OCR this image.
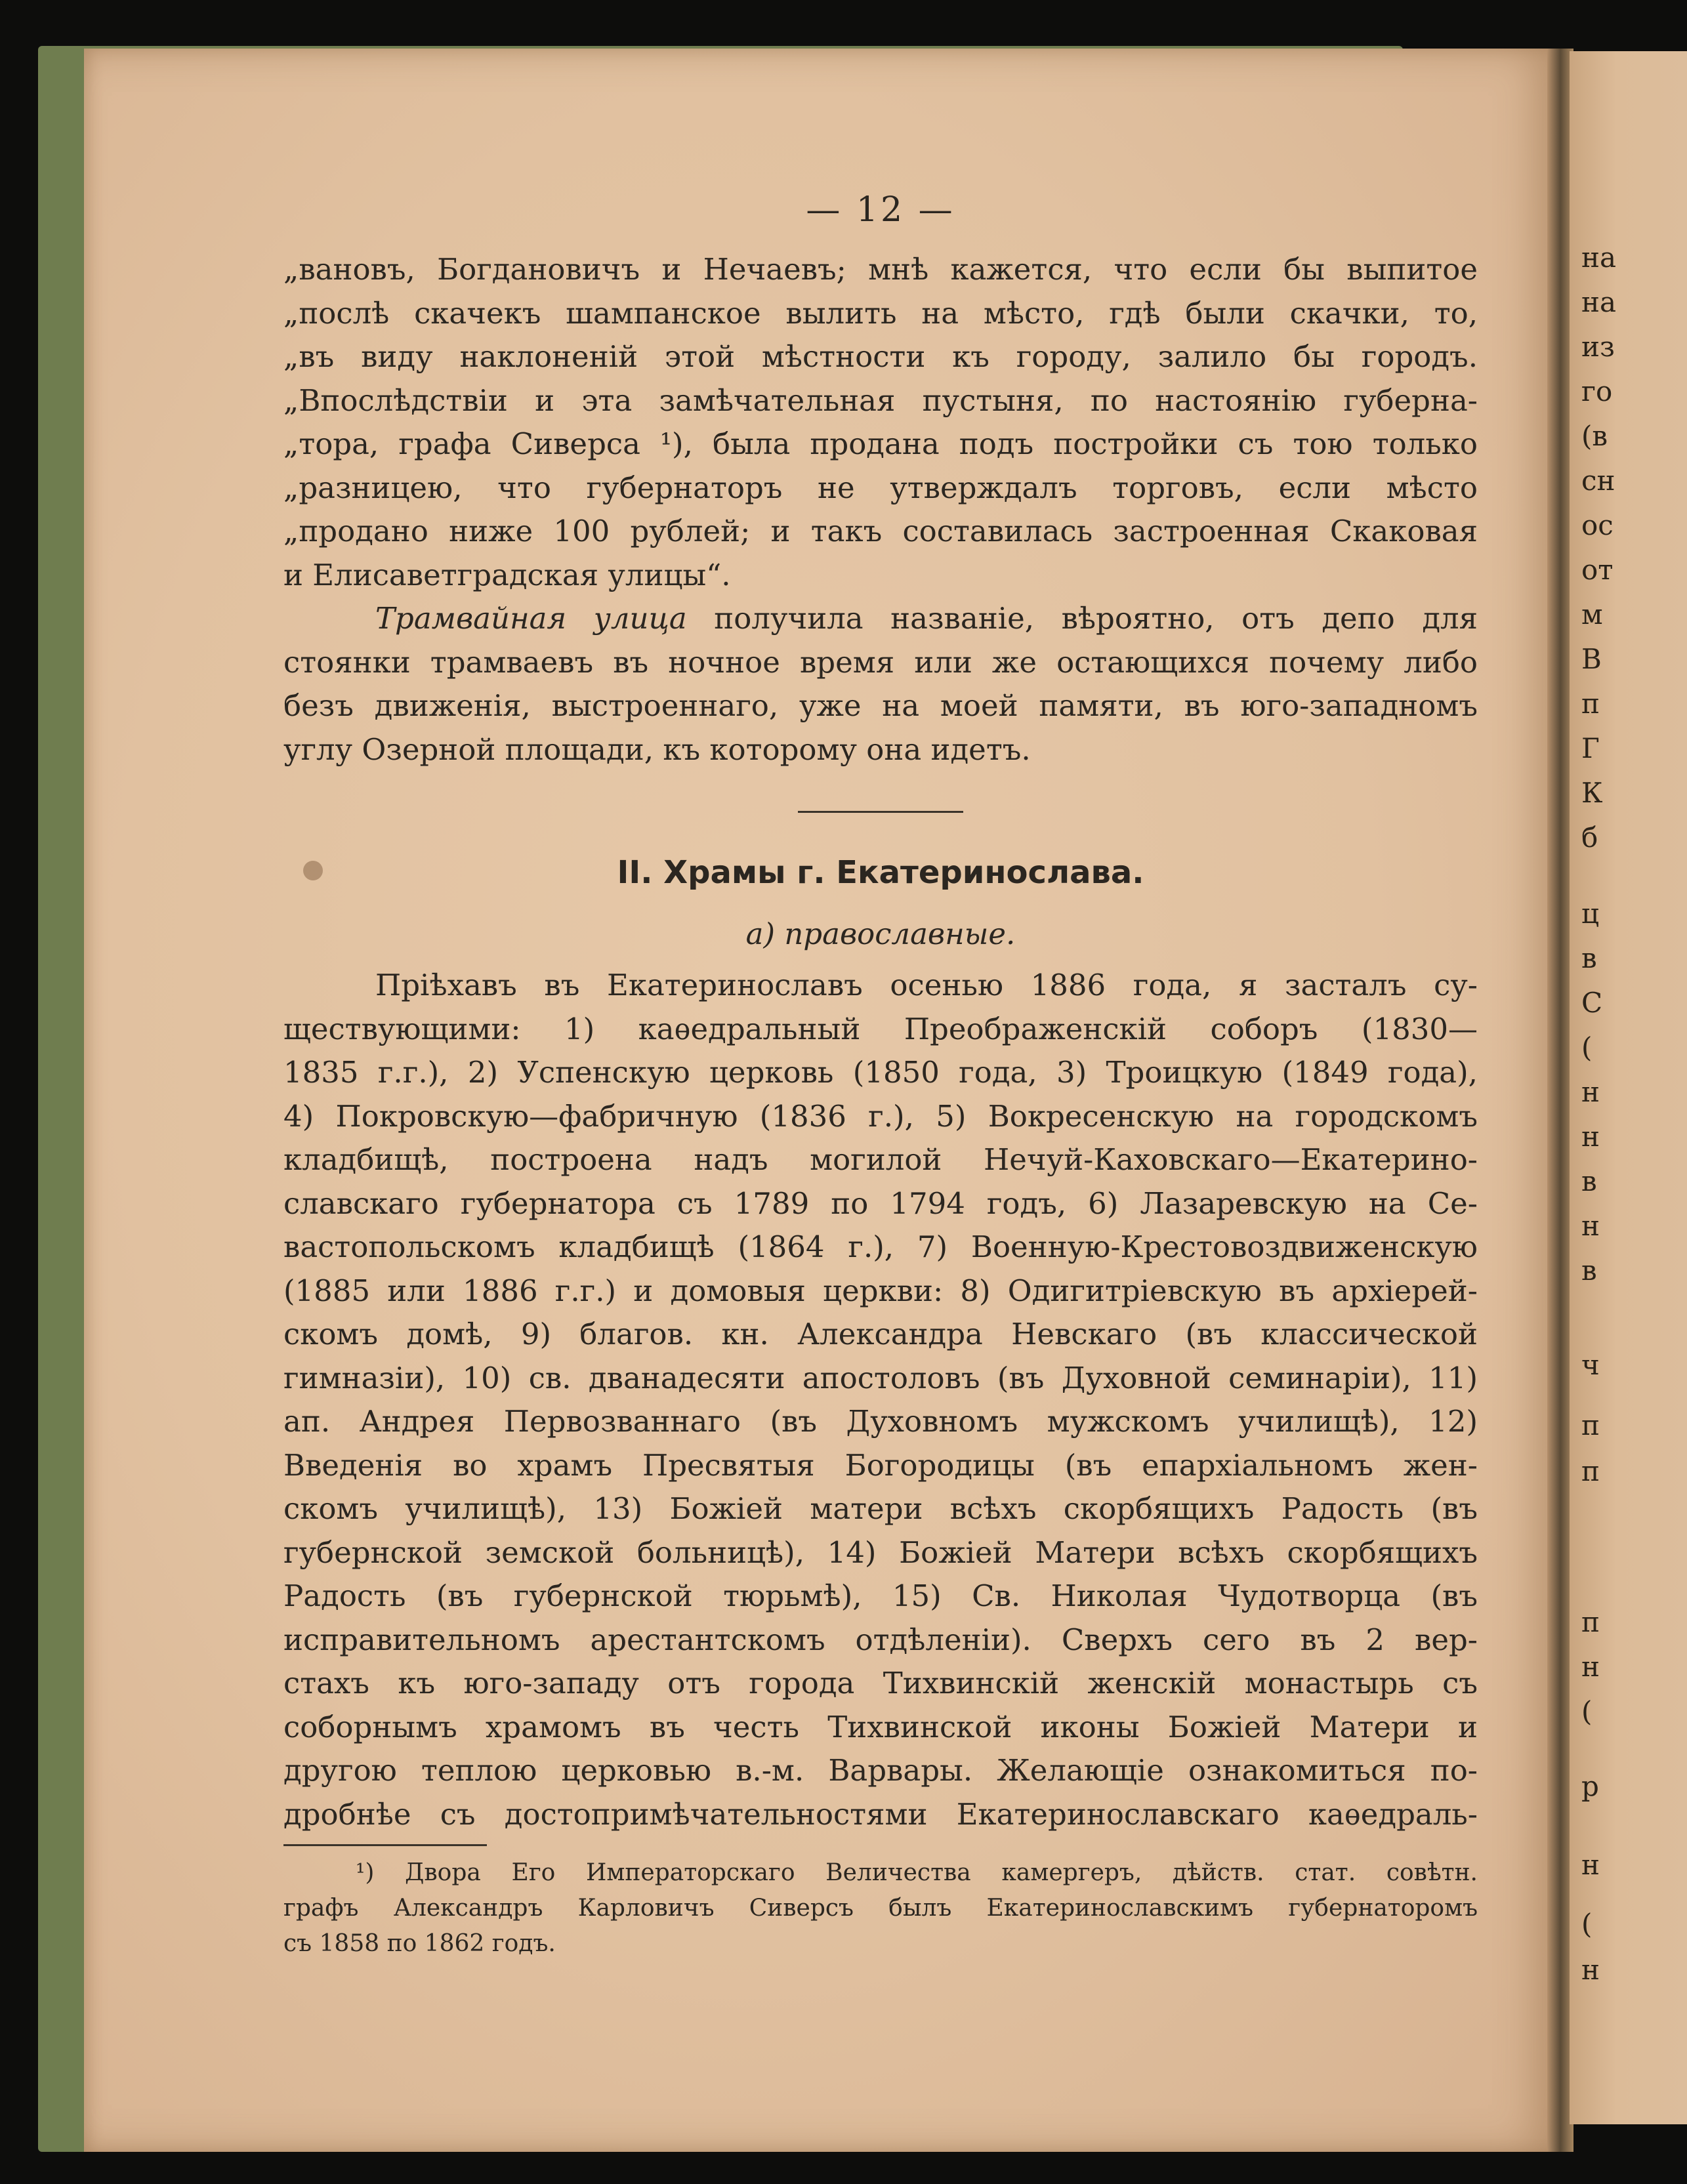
на
на
из
го
(в
сн
ос
от
м
В
п
Г
К
б
ц
в
С
(
н
н
в
н
в
ч
п
п
п
н
(
р
н
(
н
— 12 —
„вановъ, Богдановичъ и Нечаевъ; мнѣ кажется, что если бы выпитое
„послѣ скачекъ шампанское вылить на мѣсто, гдѣ были скачки, то,
„въ виду наклоненій этой мѣстности къ городу, залило бы городъ.
„Впослѣдствіи и эта замѣчательная пустыня, по настоянію губерна-
„тора, графа Сиверса ¹), была продана подъ постройки съ тою только
„разницею, что губернаторъ не утверждалъ торговъ, если мѣсто
„продано ниже 100 рублей; и такъ составилась застроенная Скаковая
и Елисаветградская улицы“.
Трамвайная улица получила названіе, вѣроятно, отъ депо для
стоянки трамваевъ въ ночное время или же остающихся почему либо
безъ движенія, выстроеннаго, уже на моей памяти, въ юго-западномъ
углу Озерной площади, къ которому она идетъ.
II. Храмы г. Екатеринослава.
а) православные.
Пріѣхавъ въ Екатеринославъ осенью 1886 года, я засталъ су-
ществующими: 1) каѳедральный Преображенскій соборъ (1830—
1835 г.г.), 2) Успенскую церковь (1850 года, 3) Троицкую (1849 года),
4) Покровскую—фабричную (1836 г.), 5) Вокресенскую на городскомъ
кладбищѣ, построена надъ могилой Нечуй-Каховскаго—Екатерино-
славскаго губернатора съ 1789 по 1794 годъ, 6) Лазаревскую на Се-
вастопольскомъ кладбищѣ (1864 г.), 7) Военную-Крестовоздвиженскую
(1885 или 1886 г.г.) и домовыя церкви: 8) Одигитріевскую въ архіерей-
скомъ домѣ, 9) благов. кн. Александра Невскаго (въ классической
гимназіи), 10) св. дванадесяти апостоловъ (въ Духовной семинаріи), 11)
ап. Андрея Первозваннаго (въ Духовномъ мужскомъ училищѣ), 12)
Введенія во храмъ Пресвятыя Богородицы (въ епархіальномъ жен-
скомъ училищѣ), 13) Божіей матери всѣхъ скорбящихъ Радость (въ
губернской земской больницѣ), 14) Божіей Матери всѣхъ скорбящихъ
Радость (въ губернской тюрьмѣ), 15) Св. Николая Чудотворца (въ
исправительномъ арестантскомъ отдѣленіи). Сверхъ сего въ 2 вер-
стахъ къ юго-западу отъ города Тихвинскій женскій монастырь съ
соборнымъ храмомъ въ честь Тихвинской иконы Божіей Матери и
другою теплою церковью в.-м. Варвары. Желающіе ознакомиться по-
дробнѣе съ достопримѣчательностями Екатеринославскаго каѳедраль-
¹) Двора Его Императорскаго Величества камергеръ, дѣйств. стат. совѣтн.
графъ Александръ Карловичъ Сиверсъ былъ Екатеринославскимъ губернаторомъ
съ 1858 по 1862 годъ.
